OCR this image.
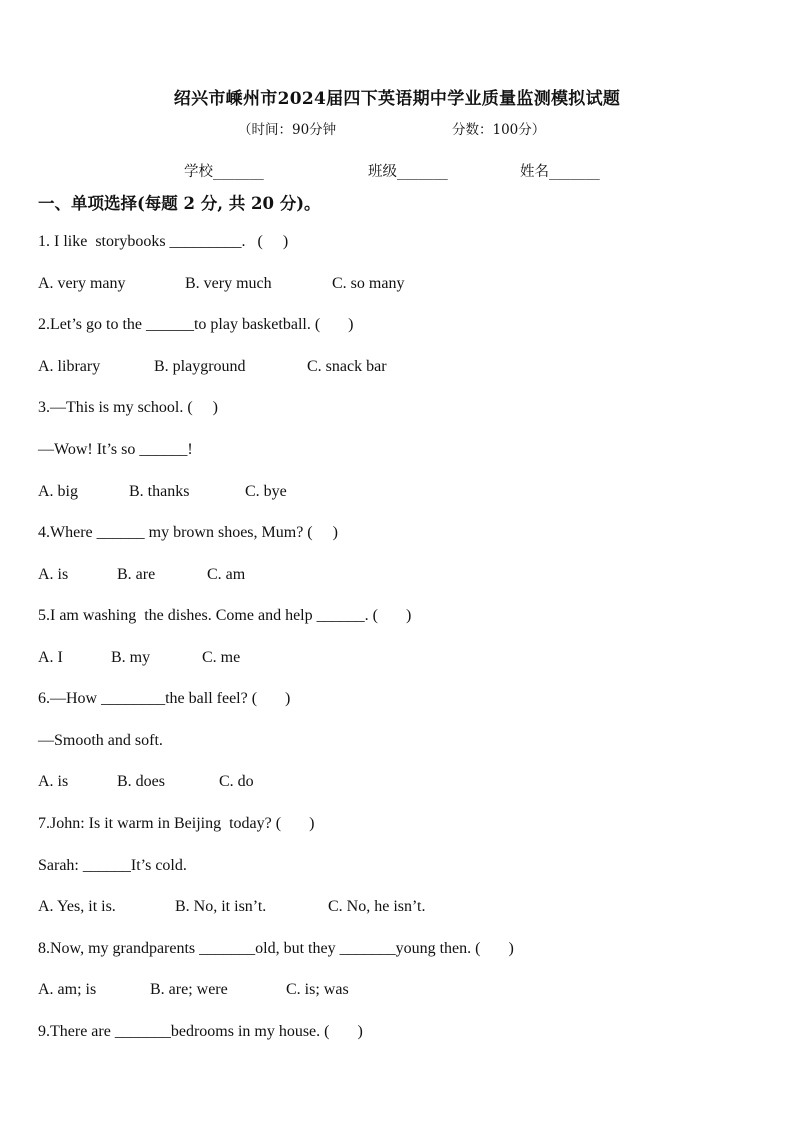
绍兴市嵊州市2024届四下英语期中学业质量监测模拟试题
（时间：90分钟	分数：100分）
学校_______	班级_______	姓名_______
一、单项选择(每题 2 分, 共 20 分)。
1. I like  storybooks _________.   (     )
A. very many	B. very much	C. so many
2.Let’s go to the ______to play basketball. (       )
A. library	B. playground	C. snack bar
3.—This is my school. (     )
—Wow! It’s so ______!
A. big	B. thanks	C. bye
4.Where ______ my brown shoes, Mum? (     )
A. is	B. are	C. am
5.I am washing  the dishes. Come and help ______. (       )
A. I	B. my	C. me
6.—How ________the ball feel? (       )
—Smooth and soft.
A. is	B. does	C. do
7.John: Is it warm in Beijing  today? (       )
Sarah: ______It’s cold.
A. Yes, it is.	B. No, it isn’t.	C. No, he isn’t.
8.Now, my grandparents _______old, but they _______young then. (       )
A. am; is	B. are; were	C. is; was
9.There are _______bedrooms in my house. (       )
